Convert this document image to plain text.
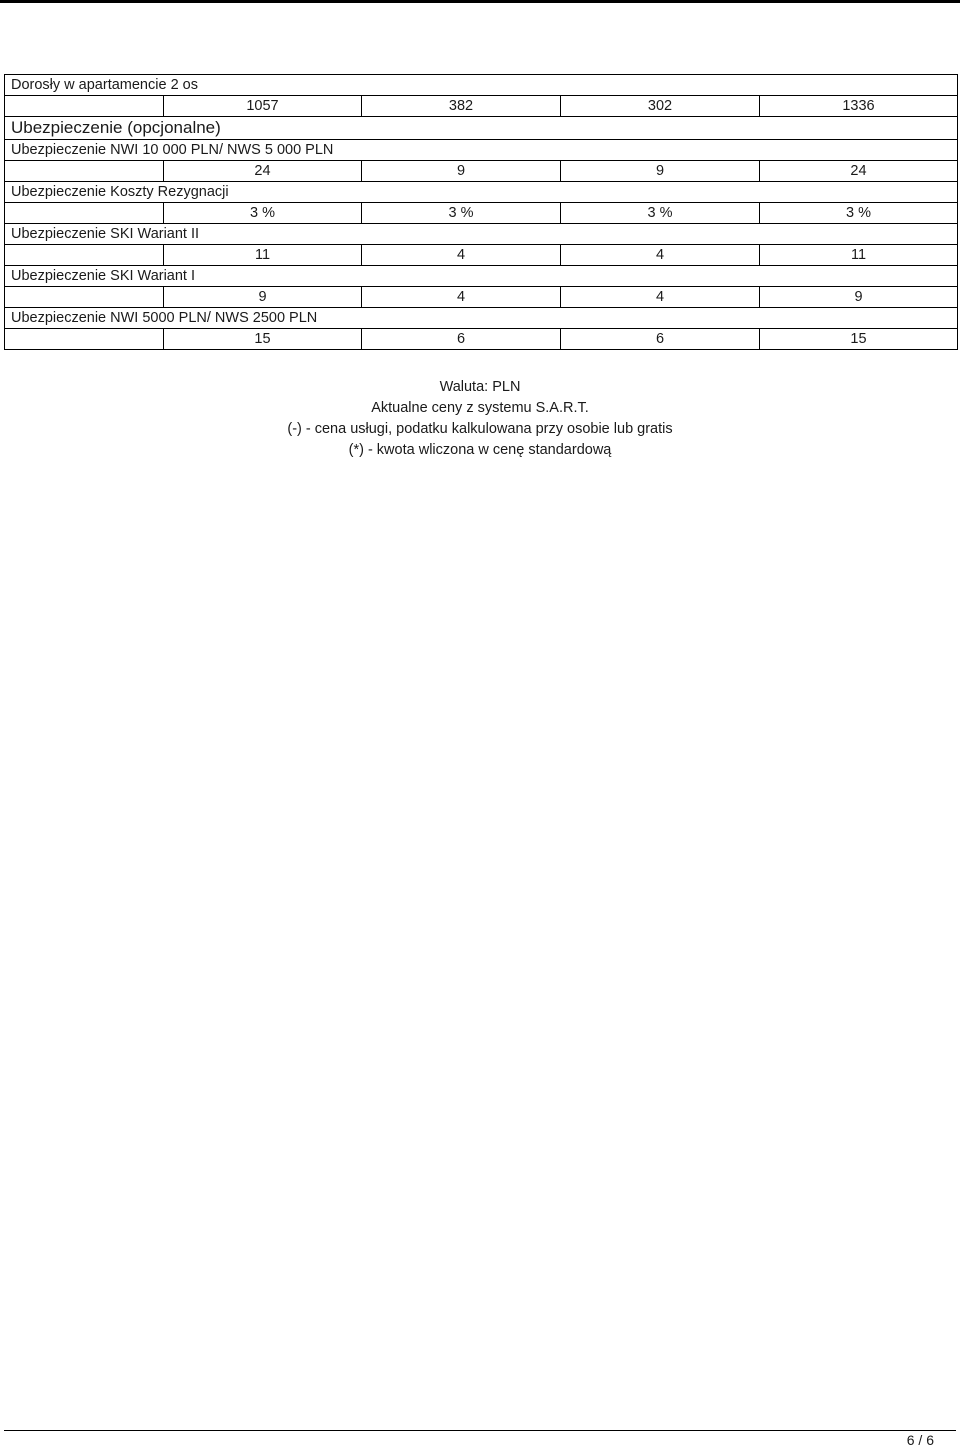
Dorosły w apartamencie 2 os				
	1057	382	302	1336
Ubezpieczenie (opcjonalne)				
Ubezpieczenie NWI 10 000 PLN/ NWS 5 000 PLN				
	24	9	9	24
Ubezpieczenie Koszty Rezygnacji				
	3 %	3 %	3 %	3 %
Ubezpieczenie SKI Wariant II				
	11	4	4	11
Ubezpieczenie SKI Wariant I				
	9	4	4	9
Ubezpieczenie NWI 5000 PLN/ NWS 2500 PLN				
	15	6	6	15
Waluta: PLN
Aktualne ceny z systemu S.A.R.T.
(-) - cena usługi, podatku kalkulowana przy osobie lub gratis
(*) - kwota wliczona w cenę standardową
6 / 6
